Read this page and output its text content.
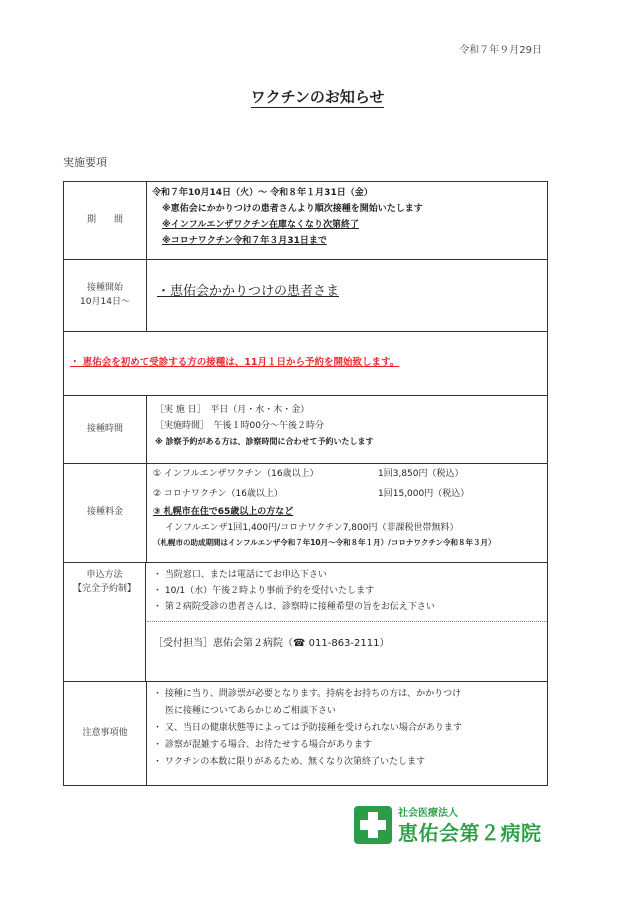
令和７年９月29日
ワクチンのお知らせ
実施要項
期　　間
令和７年10月14日（火）～ 令和８年１月31日（金）
※恵佑会にかかりつけの患者さんより順次接種を開始いたします
※インフルエンザワクチン在庫なくなり次第終了
※コロナワクチン令和７年３月31日まで
接種開始
10月14日～
・恵佑会かかりつけの患者さま
・ 恵佑会を初めて受診する方の接種は、11月１日から予約を開始致します。
接種時間
［実 施 日］　 平日（月・水・木・金）
［実施時間］　 午後１時00分～午後２時分
※ 診察予約がある方は、診察時間に合わせて予約いたします
接種料金
① インフルエンザワクチン（16歳以上）	1回3,850円（税込）
② コロナワクチン（16歳以上）	1回15,000円（税込）
③ 札幌市在住で65歳以上の方など
インフルエンザ1回1,400円/コロナワクチン7,800円（非課税世帯無料）
（札幌市の助成期間はインフルエンザ令和７年10月～令和８年１月）/コロナワクチン令和８年３月）
申込方法
【完全予約制】
・ 当院窓口、または電話にてお申込下さい
・ 10/1（水）午後２時より事前予約を受付いたします
・ 第２病院受診の患者さんは、診察時に接種希望の旨をお伝え下さい
［受付担当］恵佑会第２病院（☎ 011-863-2111）
注意事項他
・ 接種に当り、問診票が必要となります。持病をお持ちの方は、かかりつけ
医に接種についてあらかじめご相談下さい
・ 又、当日の健康状態等によっては予防接種を受けられない場合があります
・ 診察が混雑する場合、お待たせする場合があります
・ ワクチンの本数に限りがあるため、無くなり次第終了いたします
社会医療法人
恵佑会第２病院
